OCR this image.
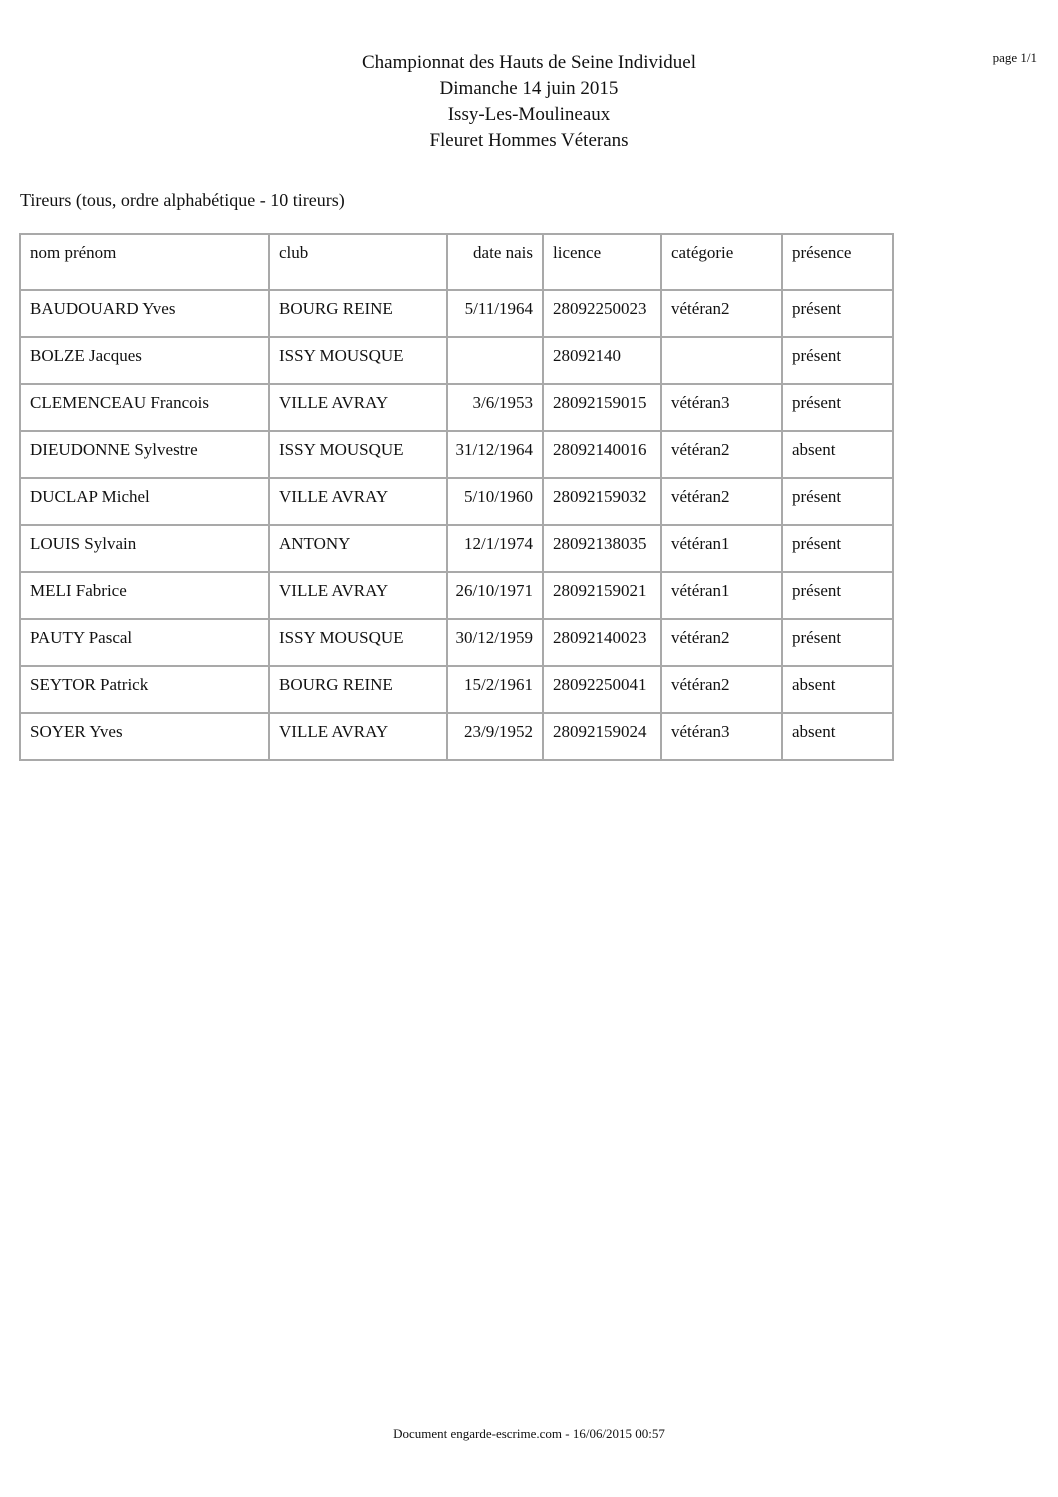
Championnat des Hauts de Seine Individuel
Dimanche 14 juin 2015
Issy-Les-Moulineaux
Fleuret Hommes Véterans
page 1/1
Tireurs (tous, ordre alphabétique - 10 tireurs)
nom prénom	club	date nais	licence	catégorie	présence
BAUDOUARD Yves	BOURG REINE	5/11/1964	28092250023	vétéran2	présent
BOLZE Jacques	ISSY MOUSQUE		28092140		présent
CLEMENCEAU Francois	VILLE AVRAY	3/6/1953	28092159015	vétéran3	présent
DIEUDONNE Sylvestre	ISSY MOUSQUE	31/12/1964	28092140016	vétéran2	absent
DUCLAP Michel	VILLE AVRAY	5/10/1960	28092159032	vétéran2	présent
LOUIS Sylvain	ANTONY	12/1/1974	28092138035	vétéran1	présent
MELI Fabrice	VILLE AVRAY	26/10/1971	28092159021	vétéran1	présent
PAUTY Pascal	ISSY MOUSQUE	30/12/1959	28092140023	vétéran2	présent
SEYTOR Patrick	BOURG REINE	15/2/1961	28092250041	vétéran2	absent
SOYER Yves	VILLE AVRAY	23/9/1952	28092159024	vétéran3	absent
Document engarde-escrime.com - 16/06/2015 00:57
